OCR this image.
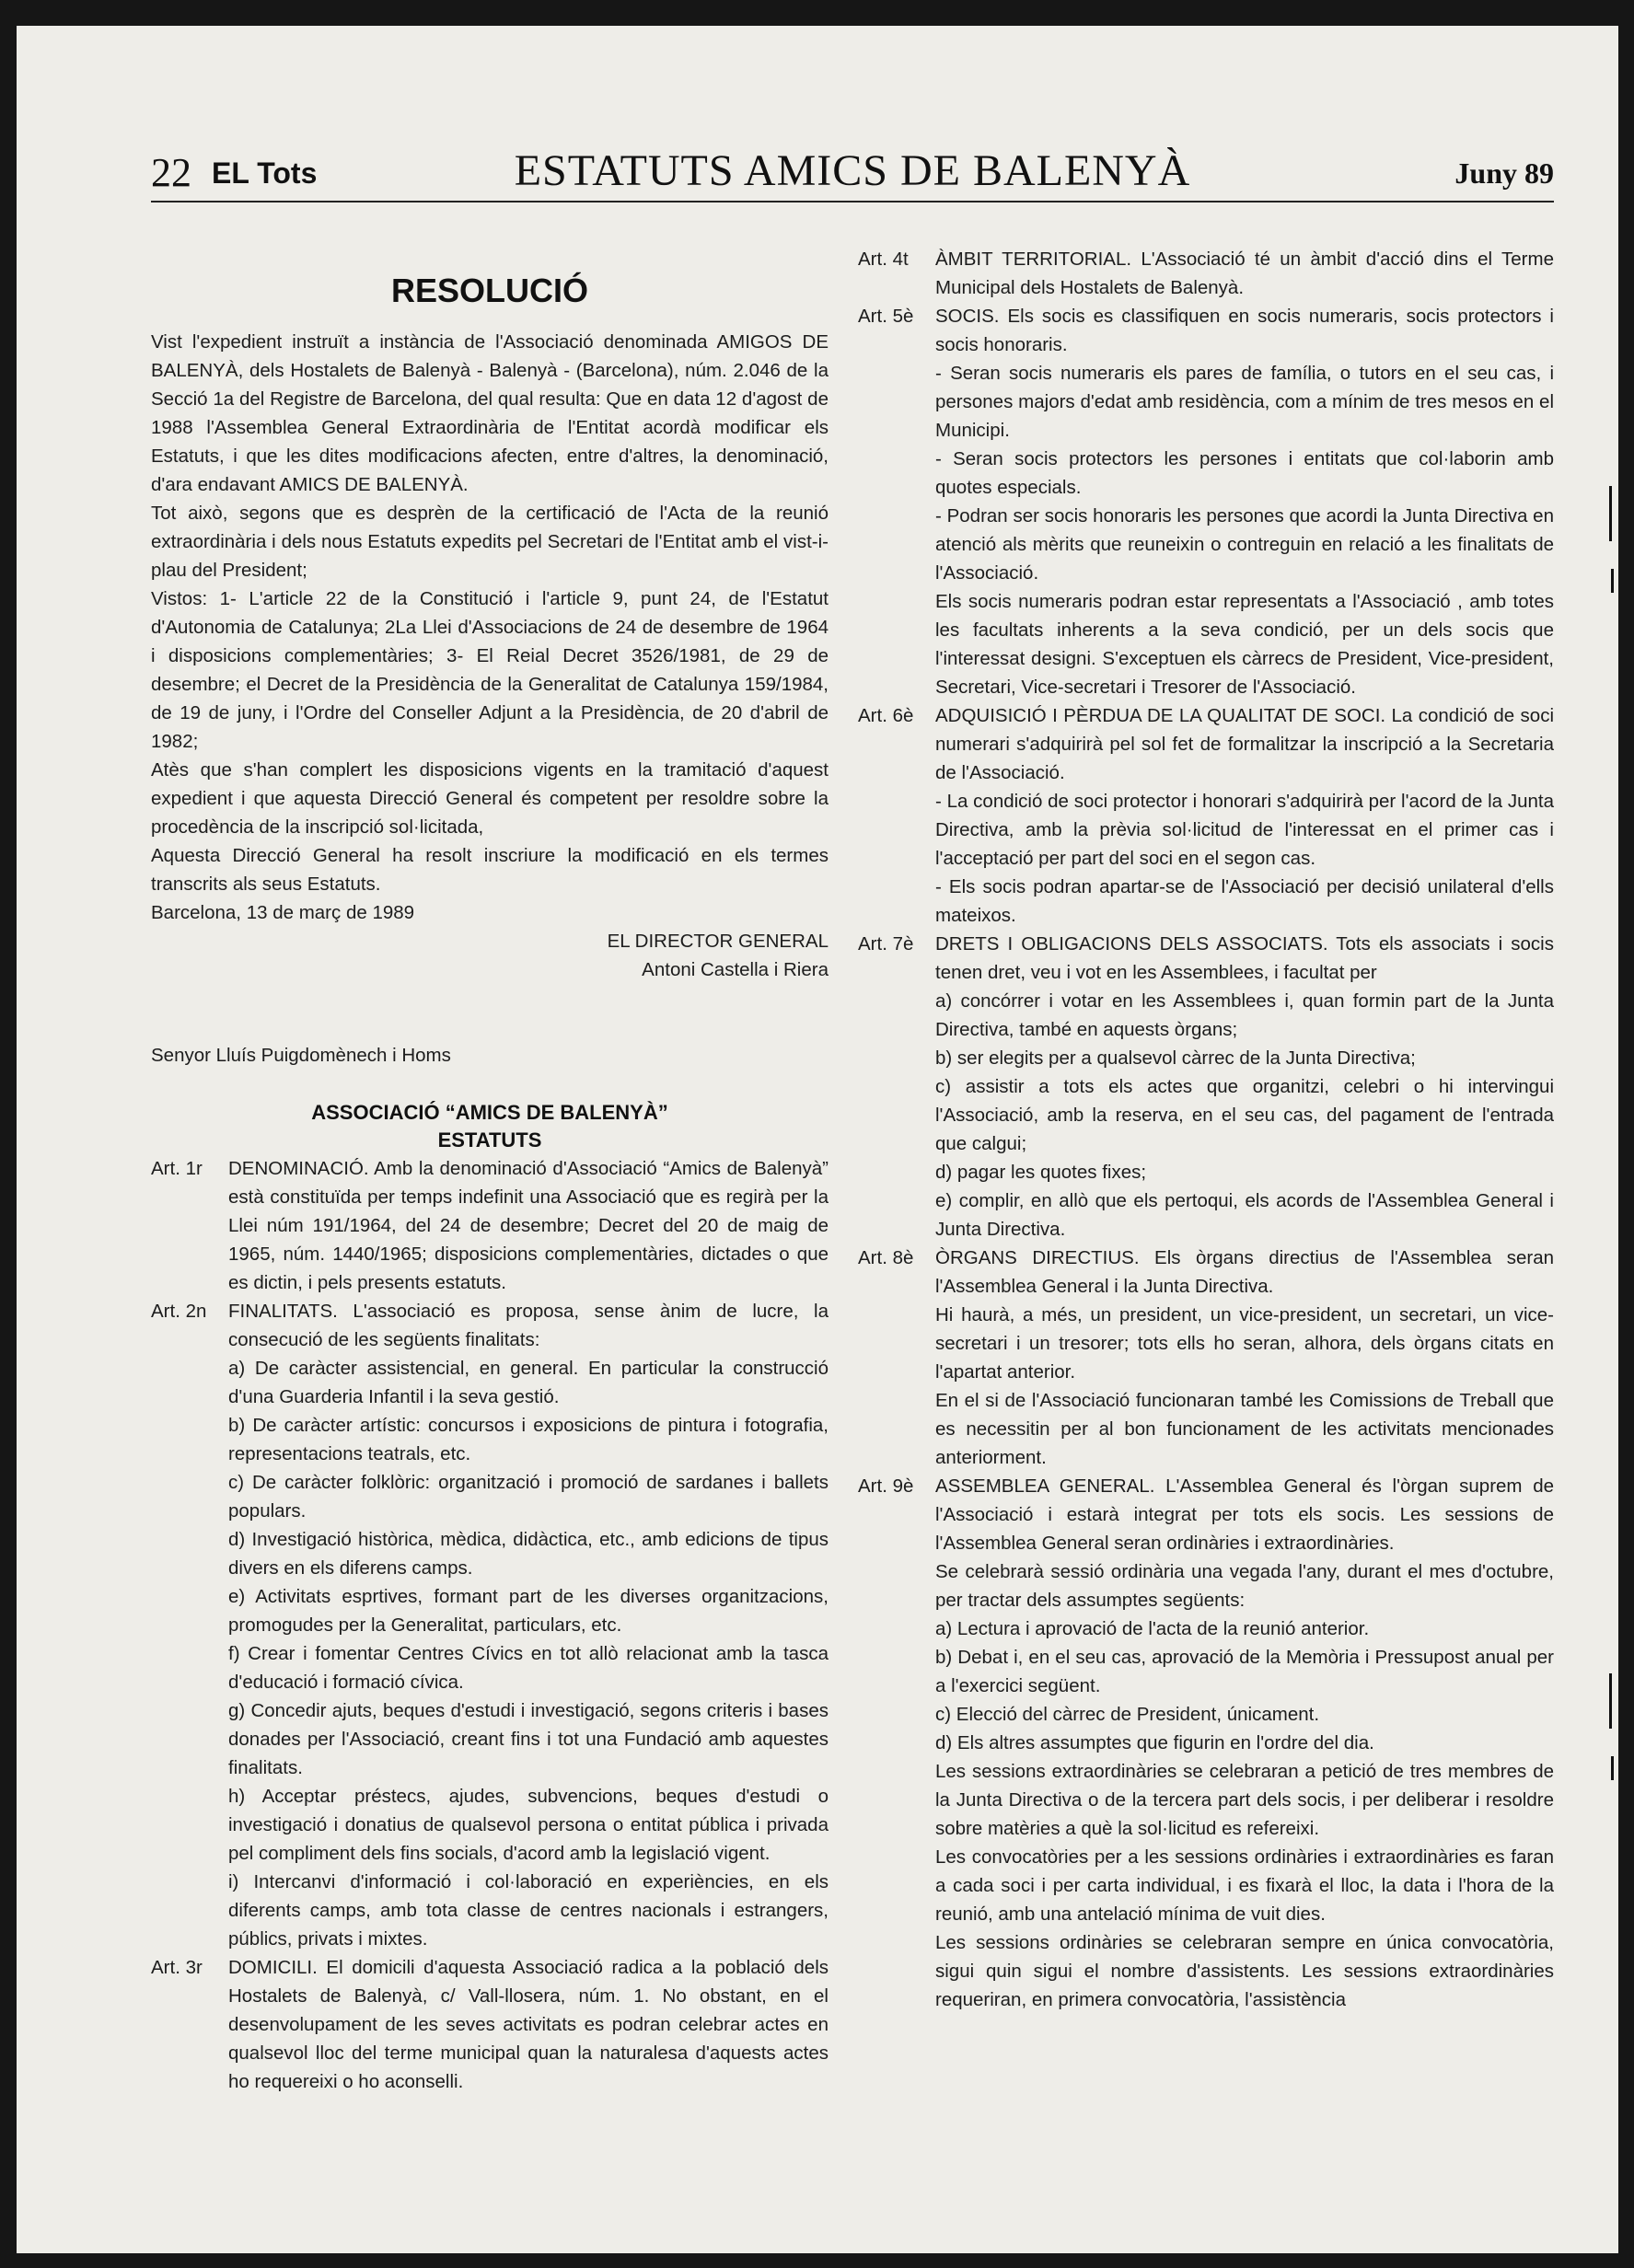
22 EL Tots	ESTATUTS AMICS DE BALENYÀ	Juny 89
RESOLUCIÓ
Vist l'expedient instruït a instància de l'Associació denominada AMIGOS DE BALENYÀ, dels Hostalets de Balenyà - Balenyà - (Barcelona), núm. 2.046 de la Secció 1a del Registre de Barcelona, del qual resulta: Que en data 12 d'agost de 1988 l'Assemblea General Extraordinària de l'Entitat acordà modificar els Estatuts, i que les dites modificacions afecten, entre d'altres, la denominació, d'ara endavant AMICS DE BALENYÀ.
Tot això, segons que es desprèn de la certificació de l'Acta de la reunió extraordinària i dels nous Estatuts expedits pel Secretari de l'Entitat amb el vist-i-plau del President;
Vistos: 1- L'article 22 de la Constitució i l'article 9, punt 24, de l'Estatut d'Autonomia de Catalunya; 2La Llei d'Associacions de 24 de desembre de 1964 i disposicions complementàries; 3- El Reial Decret 3526/1981, de 29 de desembre; el Decret de la Presidència de la Generalitat de Catalunya 159/1984, de 19 de juny, i l'Ordre del Conseller Adjunt a la Presidència, de 20 d'abril de 1982;
Atès que s'han complert les disposicions vigents en la tramitació d'aquest expedient i que aquesta Direcció General és competent per resoldre sobre la procedència de la inscripció sol·licitada,
Aquesta Direcció General ha resolt inscriure la modificació en els termes transcrits als seus Estatuts.
Barcelona, 13 de març de 1989
EL DIRECTOR GENERAL
Antoni Castella i Riera
Senyor Lluís Puigdomènech i Homs
ASSOCIACIÓ “AMICS DE BALENYÀ”
ESTATUTS
Art. 1r	DENOMINACIÓ. Amb la denominació d'Associació “Amics de Balenyà” està constituïda per temps indefinit una Associació que es regirà per la Llei núm 191/1964, del 24 de desembre; Decret del 20 de maig de 1965, núm. 1440/1965; disposicions complementàries, dictades o que es dictin, i pels presents estatuts.
Art. 2n	FINALITATS. L'associació es proposa, sense ànim de lucre, la consecució de les següents finalitats:
a) De caràcter assistencial, en general. En particular la construcció d'una Guarderia Infantil i la seva gestió.
b) De caràcter artístic: concursos i exposicions de pintura i fotografia, representacions teatrals, etc.
c) De caràcter folklòric: organització i promoció de sardanes i ballets populars.
d) Investigació històrica, mèdica, didàctica, etc., amb edicions de tipus divers en els diferens camps.
e) Activitats esprtives, formant part de les diverses organitzacions, promogudes per la Generalitat, particulars, etc.
f) Crear i fomentar Centres Cívics en tot allò relacionat amb la tasca d'educació i formació cívica.
g) Concedir ajuts, beques d'estudi i investigació, segons criteris i bases donades per l'Associació, creant fins i tot una Fundació amb aquestes finalitats.
h) Acceptar préstecs, ajudes, subvencions, beques d'estudi o investigació i donatius de qualsevol persona o entitat pública i privada pel compliment dels fins socials, d'acord amb la legislació vigent.
i) Intercanvi d'informació i col·laboració en experiències, en els diferents camps, amb tota classe de centres nacionals i estrangers, públics, privats i mixtes.
Art. 3r	DOMICILI. El domicili d'aquesta Associació radica a la població dels Hostalets de Balenyà, c/ Vall-llosera, núm. 1. No obstant, en el desenvolupament de les seves activitats es podran celebrar actes en qualsevol lloc del terme municipal quan la naturalesa d'aquests actes ho requereixi o ho aconselli.
Art. 4t	ÀMBIT TERRITORIAL. L'Associació té un àmbit d'acció dins el Terme Municipal dels Hostalets de Balenyà.
Art. 5è	SOCIS. Els socis es classifiquen en socis numeraris, socis protectors i socis honoraris.
- Seran socis numeraris els pares de família, o tutors en el seu cas, i persones majors d'edat amb residència, com a mínim de tres mesos en el Municipi.
- Seran socis protectors les persones i entitats que col·laborin amb quotes especials.
- Podran ser socis honoraris les persones que acordi la Junta Directiva en atenció als mèrits que reuneixin o contreguin en relació a les finalitats de l'Associació.
Els socis numeraris podran estar representats a l'Associació , amb totes les facultats inherents a la seva condició, per un dels socis que l'interessat designi. S'exceptuen els càrrecs de President, Vice-president, Secretari, Vice-secretari i Tresorer de l'Associació.
Art. 6è	ADQUISICIÓ I PÈRDUA DE LA QUALITAT DE SOCI. La condició de soci numerari s'adquirirà pel sol fet de formalitzar la inscripció a la Secretaria de l'Associació.
- La condició de soci protector i honorari s'adquirirà per l'acord de la Junta Directiva, amb la prèvia sol·licitud de l'interessat en el primer cas i l'acceptació per part del soci en el segon cas.
- Els socis podran apartar-se de l'Associació per decisió unilateral d'ells mateixos.
Art. 7è	DRETS I OBLIGACIONS DELS ASSOCIATS. Tots els associats i socis tenen dret, veu i vot en les Assemblees, i facultat per
a) concórrer i votar en les Assemblees i, quan formin part de la Junta Directiva, també en aquests òrgans;
b) ser elegits per a qualsevol càrrec de la Junta Directiva;
c) assistir a tots els actes que organitzi, celebri o hi intervingui l'Associació, amb la reserva, en el seu cas, del pagament de l'entrada que calgui;
d) pagar les quotes fixes;
e) complir, en allò que els pertoqui, els acords de l'Assemblea General i Junta Directiva.
Art. 8è	ÒRGANS DIRECTIUS. Els òrgans directius de l'Assemblea seran l'Assemblea General i la Junta Directiva.
Hi haurà, a més, un president, un vice-president, un secretari, un vice-secretari i un tresorer; tots ells ho seran, alhora, dels òrgans citats en l'apartat anterior.
En el si de l'Associació funcionaran també les Comissions de Treball que es necessitin per al bon funcionament de les activitats mencionades anteriorment.
Art. 9è	ASSEMBLEA GENERAL. L'Assemblea General és l'òrgan suprem de l'Associació i estarà integrat per tots els socis. Les sessions de l'Assemblea General seran ordinàries i extraordinàries.
Se celebrarà sessió ordinària una vegada l'any, durant el mes d'octubre, per tractar dels assumptes següents:
a) Lectura i aprovació de l'acta de la reunió anterior.
b) Debat i, en el seu cas, aprovació de la Memòria i Pressupost anual per a l'exercici següent.
c) Elecció del càrrec de President, únicament.
d) Els altres assumptes que figurin en l'ordre del dia.
Les sessions extraordinàries se celebraran a petició de tres membres de la Junta Directiva o de la tercera part dels socis, i per deliberar i resoldre sobre matèries a què la sol·licitud es refereixi.
Les convocatòries per a les sessions ordinàries i extraordinàries es faran a cada soci i per carta individual, i es fixarà el lloc, la data i l'hora de la reunió, amb una antelació mínima de vuit dies.
Les sessions ordinàries se celebraran sempre en única convocatòria, sigui quin sigui el nombre d'assistents. Les sessions extraordinàries requeriran, en primera convocatòria, l'assistència
